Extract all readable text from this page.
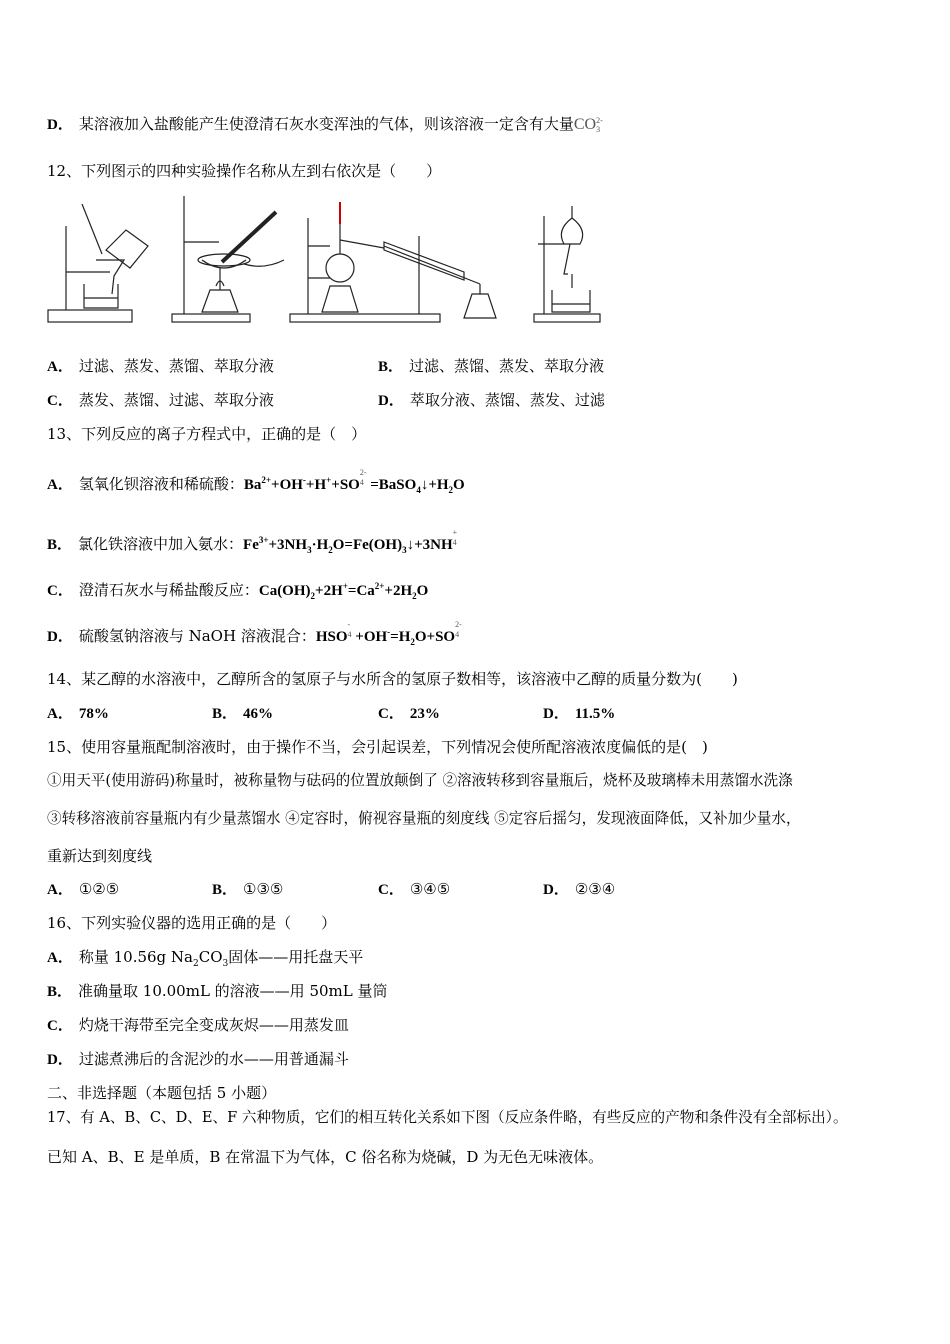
D． 某溶液加入盐酸能产生使澄清石灰水变浑浊的气体，则该溶液一定含有大量CO 2-
3
12、下列图示的四种实验操作名称从左到右依次是（　　）
A． 过滤、蒸发、蒸馏、萃取分液	B． 过滤、蒸馏、蒸发、萃取分液
C． 蒸发、蒸馏、过滤、萃取分液	D． 萃取分液、蒸馏、蒸发、过滤
13、下列反应的离子方程式中，正确的是（　）
A． 氢氧化钡溶液和稀硫酸：$Ba^{2+}+OH^-+H^++SO$
2-
$4 =BaSO_4↓+H_2O$
B． 氯化铁溶液中加入氨水：$Fe^{3+}+3NH_3\cdot H_2O=Fe(OH)_3↓+3NH$
+
4
C． 澄清石灰水与稀盐酸反应：$Ca(OH)_2+2H^+=Ca^{2+}+2H_2O$
D． 硫酸氢钠溶液与 NaOH 溶液混合：HSO
-
$4 +OH^-=H_2O+SO$
2-
4
14、某乙醇的水溶液中，乙醇所含的氢原子与水所含的氢原子数相等，该溶液中乙醇的质量分数为(　　)
A． 78%	B． 46%	C． 23%	D． 11.5%
15、使用容量瓶配制溶液时，由于操作不当，会引起误差，下列情况会使所配溶液浓度偏低的是(　)
①用天平(使用游码)称量时，被称量物与砝码的位置放颠倒了 ②溶液转移到容量瓶后，烧杯及玻璃棒未用蒸馏水洗涤
③转移溶液前容量瓶内有少量蒸馏水 ④定容时，俯视容量瓶的刻度线 ⑤定容后摇匀，发现液面降低，又补加少量水，
重新达到刻度线
A． ①②⑤	B． ①③⑤	C． ③④⑤	D． ②③④
16、下列实验仪器的选用正确的是（　　）
A． 称量 10.56g $Na_2CO_3$固体——用托盘天平
B． 准确量取 10.00mL 的溶液——用 50mL 量筒
C． 灼烧干海带至完全变成灰烬——用蒸发皿
D． 过滤煮沸后的含泥沙的水——用普通漏斗
二、非选择题（本题包括 5 小题）
17、有 A、B、C、D、E、F 六种物质，它们的相互转化关系如下图（反应条件略，有些反应的产物和条件没有全部标出）。
已知 A、B、E 是单质，B 在常温下为气体，C 俗名称为烧碱，D 为无色无味液体。
